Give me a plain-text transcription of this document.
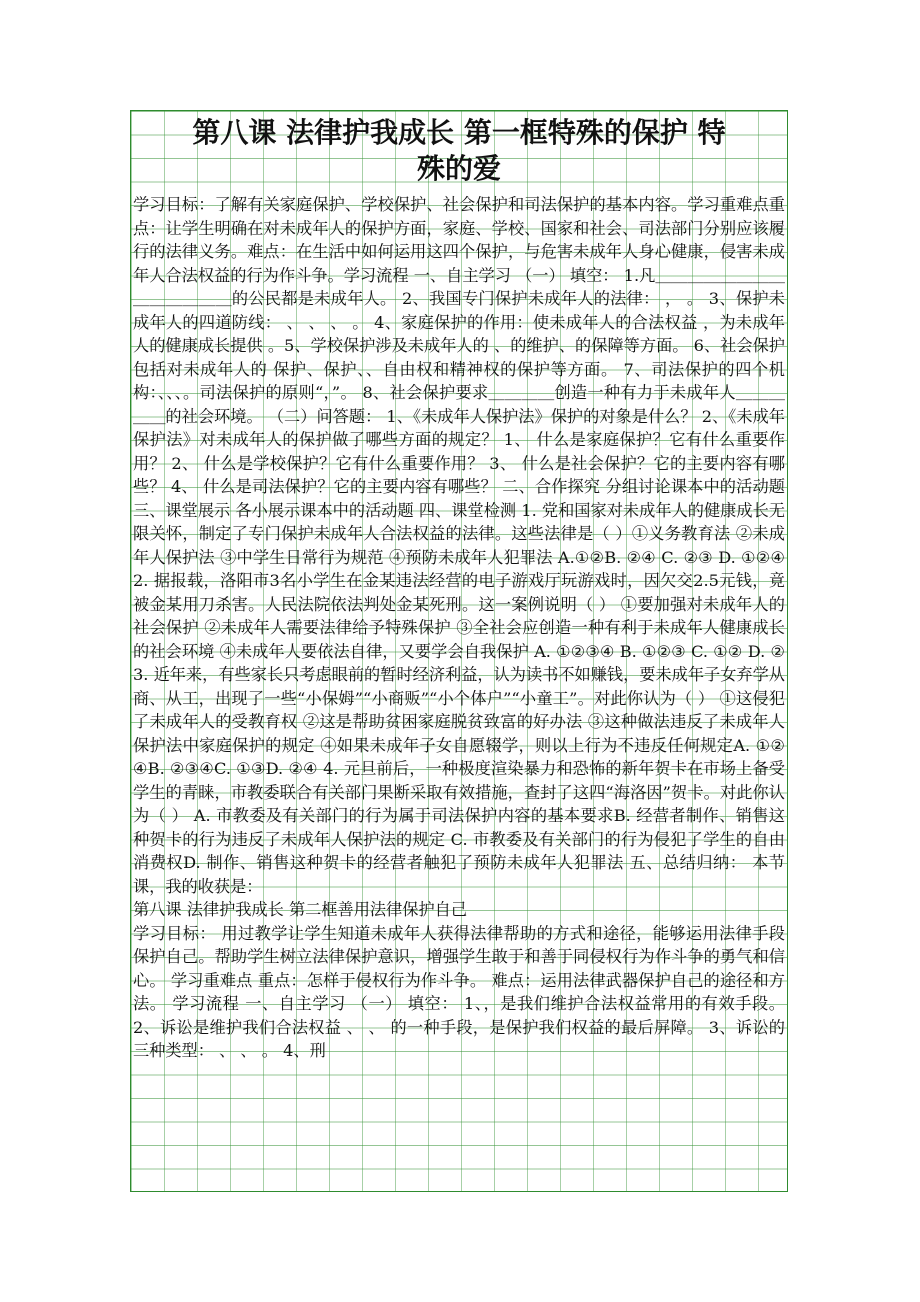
第八课 法律护我成长 第一框特殊的保护 特
殊的爱

学习目标：了解有关家庭保护、学校保护、社会保护和司法保护的基本内容。学习重难点重点：让学生明确在对未成年人的保护方面，家庭、学校、国家和社会、司法部门分别应该履行的法律义务。难点：在生活中如何运用这四个保护，与危害未成年人身心健康，侵害未成年人合法权益的行为作斗争。学习流程 一、自主学习 （一） 填空： 1.凡＿＿＿＿＿＿＿＿＿＿＿＿＿＿的公民都是未成年人。 2、我国专门保护未成年人的法律： ， 。 3、保护未成年人的四道防线： 、 、 、 。 4、家庭保护的作用：使未成年人的合法权益 ，为未成年人的健康成长提供 。5、学校保护涉及未成年人的 、的维护、的保障等方面。 6、社会保护包括对未成年人的 保护、保护、、自由权和精神权的保护等方面。 7、司法保护的四个机构：、、、。司法保护的原则“，”。 8、社会保护要求＿＿＿＿创造一种有力于未成年人＿＿＿＿＿的社会环境。 （二）问答题： 1、《未成年人保护法》保护的对象是什么？ 2、《未成年保护法》对未成年人的保护做了哪些方面的规定？ 1、 什么是家庭保护？它有什么重要作用？ 2、 什么是学校保护？它有什么重要作用？ 3、 什么是社会保护？它的主要内容有哪些？ 4、 什么是司法保护？它的主要内容有哪些？ 二、合作探究 分组讨论课本中的活动题 三、课堂展示 各小展示课本中的活动题 四、课堂检测 1. 党和国家对未成年人的健康成长无限关怀，制定了专门保护未成年人合法权益的法律。这些法律是（ ）①义务教育法 ②未成年人保护法 ③中学生日常行为规范 ④预防未成年人犯罪法 A.①②B. ②④ C. ②③ D. ①②④ 2. 据报载，洛阳市3名小学生在金某违法经营的电子游戏厅玩游戏时，因欠交2.5元钱，竟被金某用刀杀害。人民法院依法判处金某死刑。这一案例说明（ ） ①要加强对未成年人的社会保护 ②未成年人需要法律给予特殊保护 ③全社会应创造一种有利于未成年人健康成长的社会环境 ④未成年人要依法自律，又要学会自我保护 A. ①②③④ B. ①②③ C. ①② D. ② 3. 近年来，有些家长只考虑眼前的暂时经济利益，认为读书不如赚钱，要未成年子女弃学从商、从工，出现了一些“小保姆”“小商贩”“小个体户”“小童工”。对此你认为（ ） ①这侵犯了未成年人的受教育权 ②这是帮助贫困家庭脱贫致富的好办法 ③这种做法违反了未成年人保护法中家庭保护的规定 ④如果未成年子女自愿辍学，则以上行为不违反任何规定A. ①②④B. ②③④C. ①③D. ②④ 4. 元旦前后，一种极度渲染暴力和恐怖的新年贺卡在市场上备受学生的青睐，市教委联合有关部门果断采取有效措施，查封了这四“海洛因”贺卡。对此你认为（ ） A. 市教委及有关部门的行为属于司法保护内容的基本要求B. 经营者制作、销售这种贺卡的行为违反了未成年人保护法的规定 C. 市教委及有关部门的行为侵犯了学生的自由消费权D. 制作、销售这种贺卡的经营者触犯了预防未成年人犯罪法 五、总结归纳： 本节课，我的收获是：

第八课 法律护我成长 第二框善用法律保护自己

学习目标： 用过教学让学生知道未成年人获得法律帮助的方式和途径，能够运用法律手段保护自己。帮助学生树立法律保护意识，增强学生敢于和善于同侵权行为作斗争的勇气和信心。 学习重难点 重点：怎样于侵权行为作斗争。 难点：运用法律武器保护自己的途径和方法。 学习流程 一、自主学习 （一） 填空： 1、，是我们维护合法权益常用的有效手段。 2、诉讼是维护我们合法权益 、 、 的一种手段，是保护我们权益的最后屏障。 3、诉讼的三种类型： 、 、 。 4、刑
